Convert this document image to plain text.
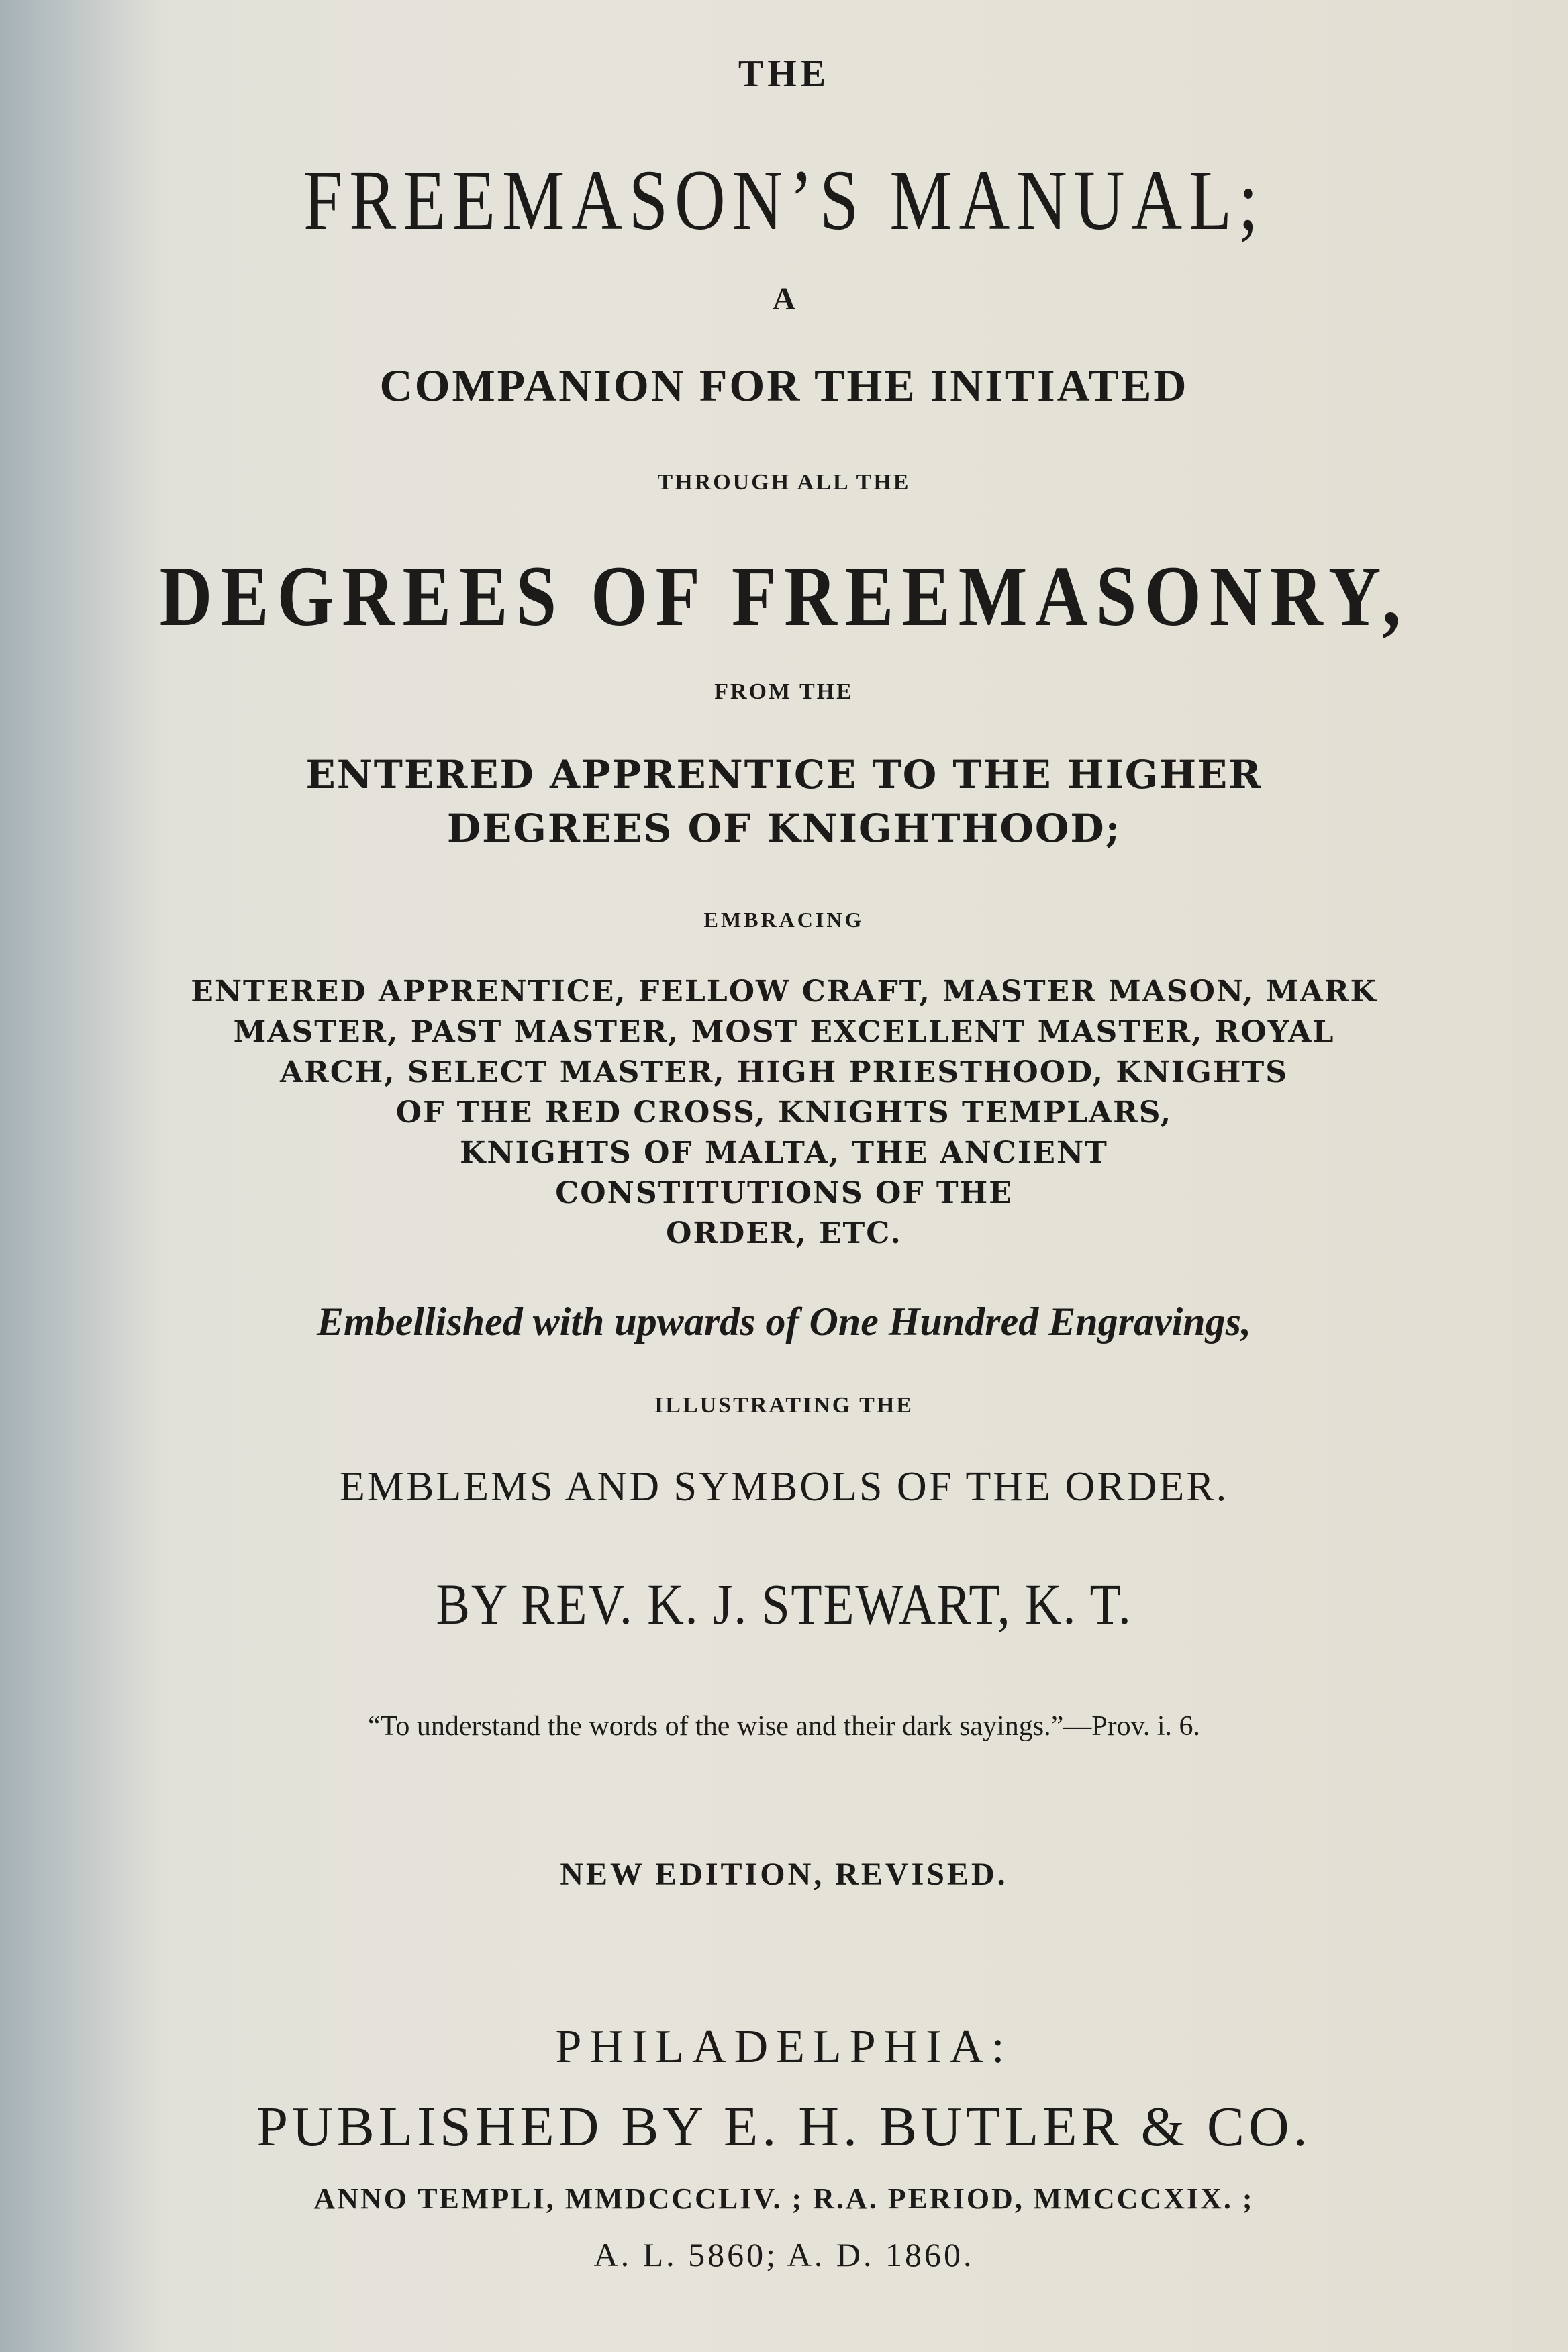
THE

FREEMASON’S MANUAL;

A

COMPANION FOR THE INITIATED

THROUGH ALL THE

DEGREES OF FREEMASONRY,

FROM THE

ENTERED APPRENTICE TO THE HIGHER

DEGREES OF KNIGHTHOOD;

EMBRACING

ENTERED APPRENTICE, FELLOW CRAFT, MASTER MASON, MARK

MASTER, PAST MASTER, MOST EXCELLENT MASTER, ROYAL

ARCH, SELECT MASTER, HIGH PRIESTHOOD, KNIGHTS

OF THE RED CROSS, KNIGHTS TEMPLARS,

KNIGHTS OF MALTA, THE ANCIENT

CONSTITUTIONS OF THE

ORDER, ETC.

Embellished with upwards of One Hundred Engravings,

ILLUSTRATING THE

EMBLEMS AND SYMBOLS OF THE ORDER.

BY REV. K. J. STEWART, K. T.

“To understand the words of the wise and their dark sayings.”—Prov. i. 6.

NEW EDITION, REVISED.

PHILADELPHIA:

PUBLISHED BY E. H. BUTLER & CO.

ANNO TEMPLI, MMDCCCLIV. ; R.A. PERIOD, MMCCCXIX. ;

A. L. 5860; A. D. 1860.
